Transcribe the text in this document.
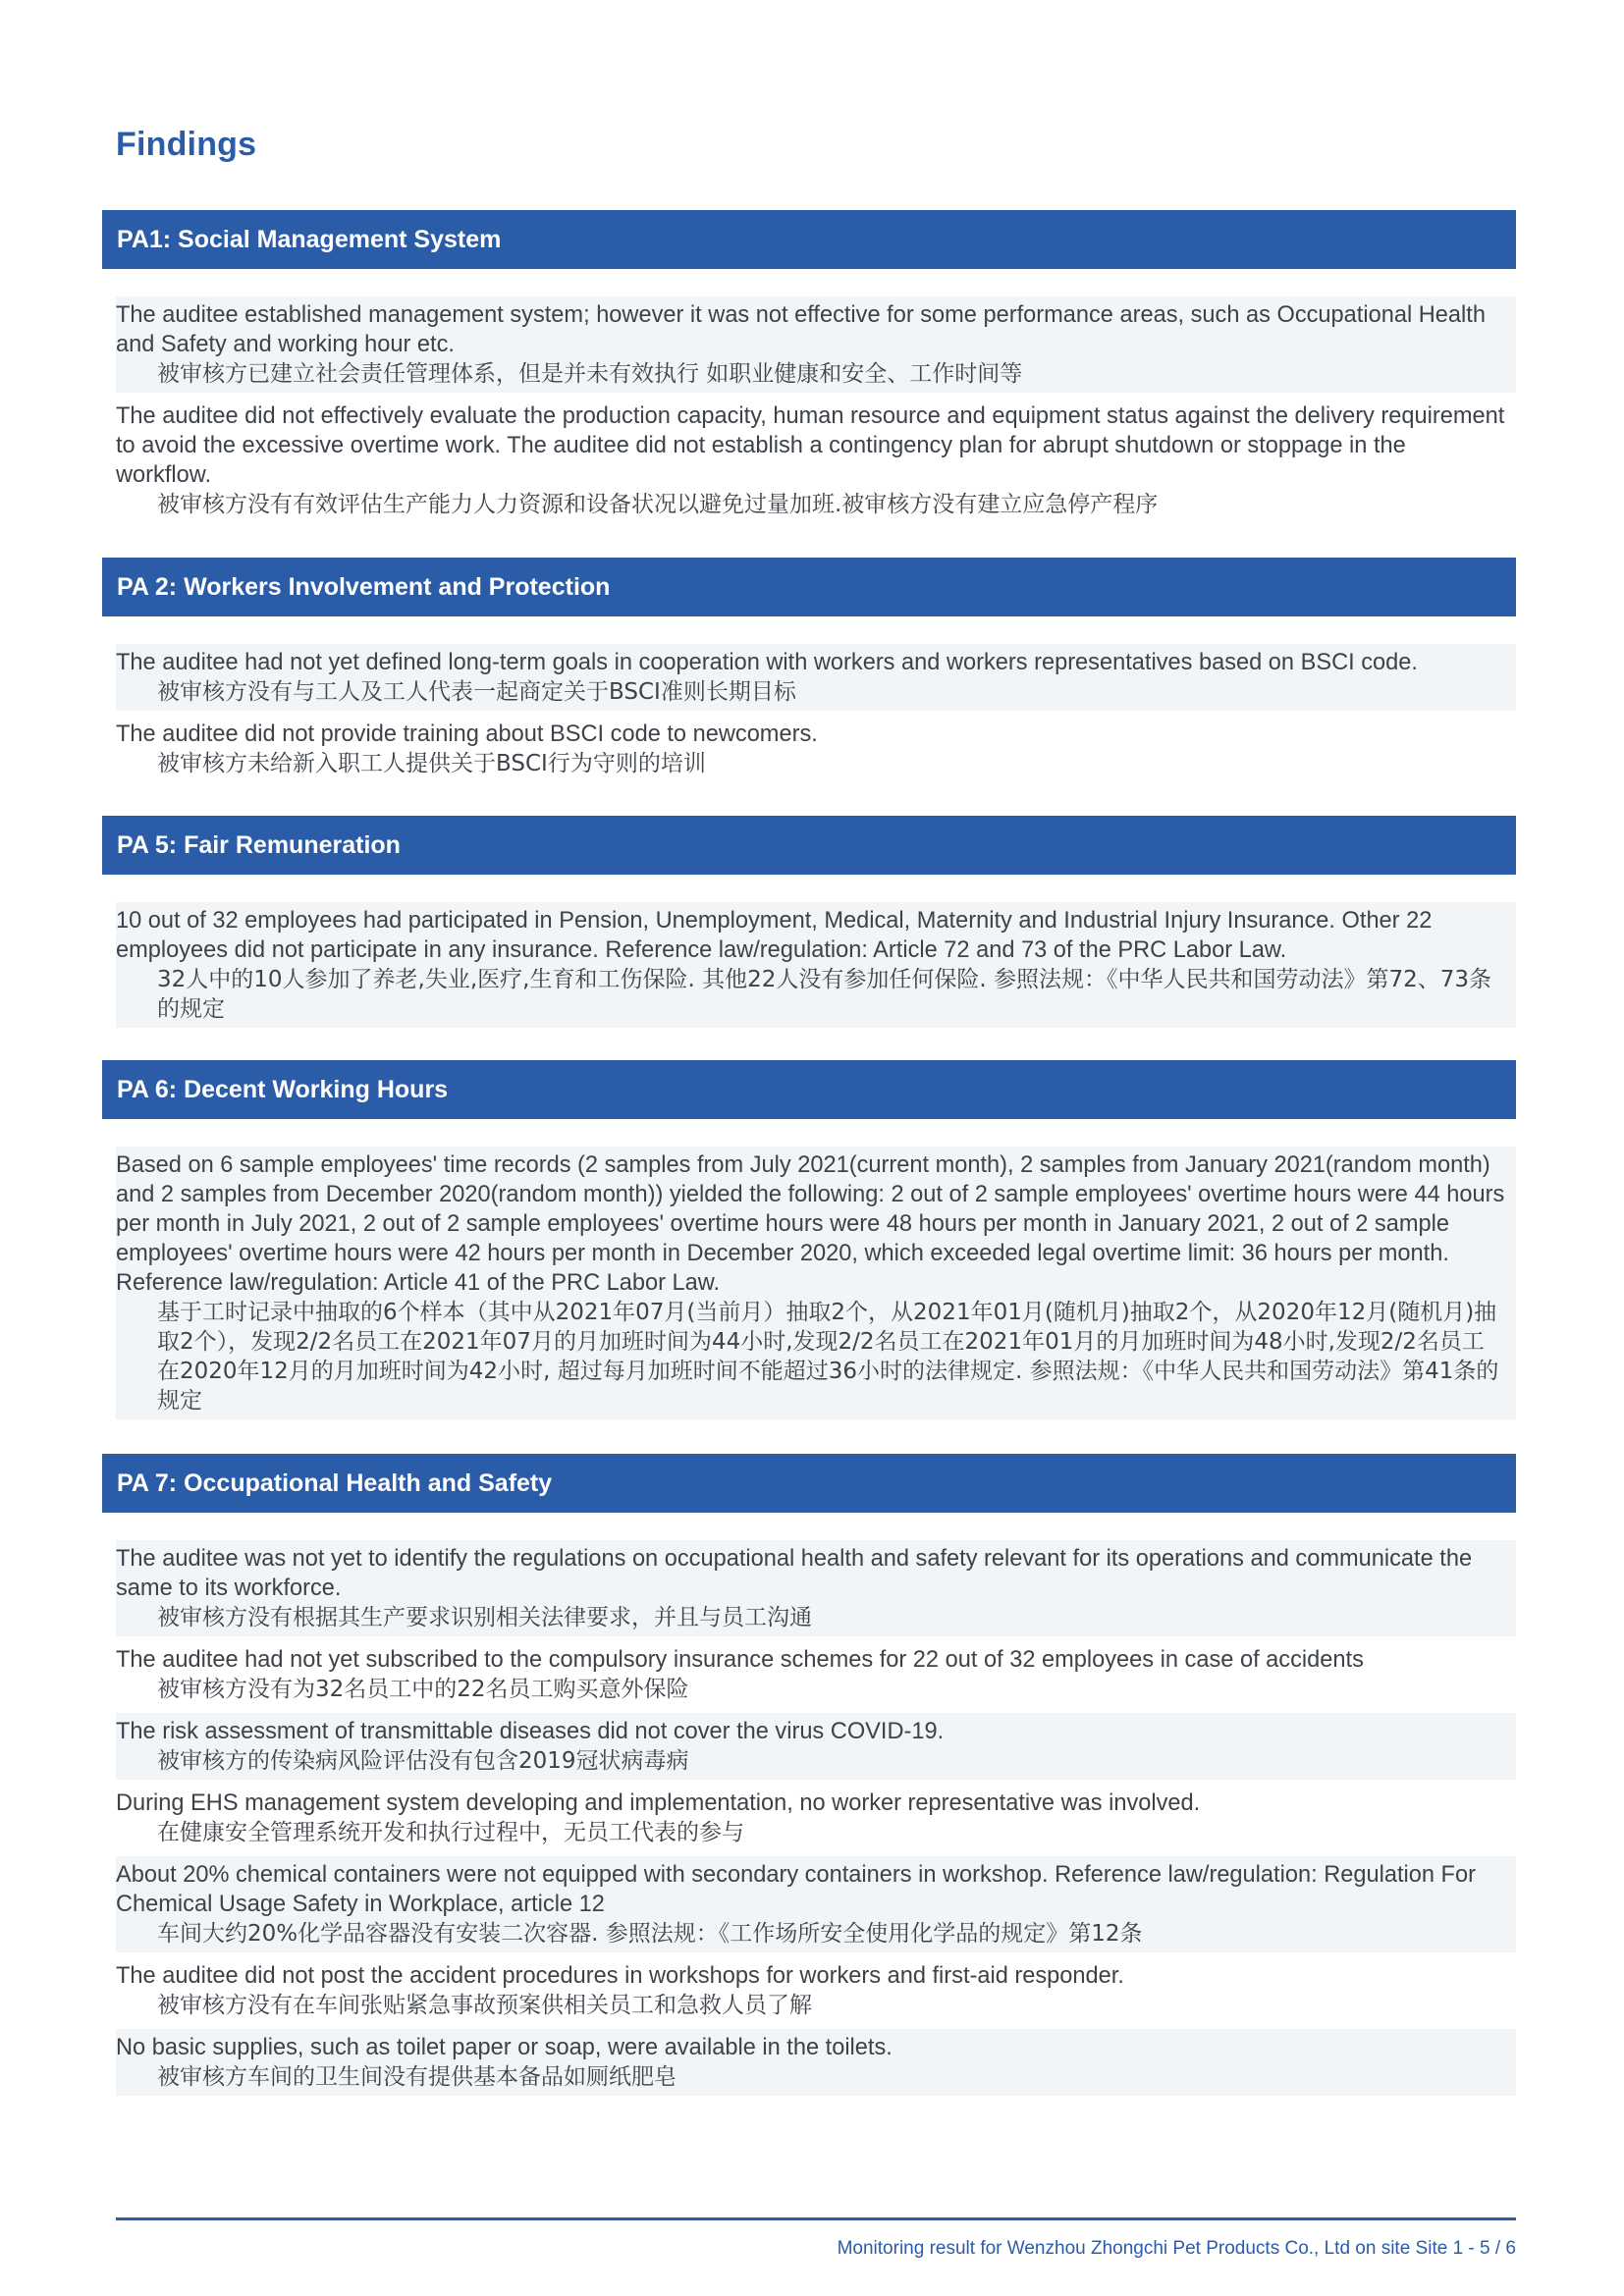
Findings
PA1: Social Management System
The auditee established management system; however it was not effective for some performance areas, such as Occupational Health and Safety and working hour etc.
被审核方已建立社会责任管理体系，但是并未有效执行 如职业健康和安全、工作时间等
The auditee did not effectively evaluate the production capacity, human resource and equipment status against the delivery requirement to avoid the excessive overtime work. The auditee did not establish a contingency plan for abrupt shutdown or stoppage in the workflow.
被审核方没有有效评估生产能力人力资源和设备状况以避免过量加班.被审核方没有建立应急停产程序
PA 2: Workers Involvement and Protection
The auditee had not yet defined long-term goals in cooperation with workers and workers representatives based on BSCI code.
被审核方没有与工人及工人代表一起商定关于BSCI准则长期目标
The auditee did not provide training about BSCI code to newcomers.
被审核方未给新入职工人提供关于BSCI行为守则的培训
PA 5: Fair Remuneration
10 out of 32 employees had participated in Pension, Unemployment, Medical, Maternity and Industrial Injury Insurance. Other 22 employees did not participate in any insurance. Reference law/regulation: Article 72 and 73 of the PRC Labor Law.
32人中的10人参加了养老,失业,医疗,生育和工伤保险. 其他22人没有参加任何保险. 参照法规：《中华人民共和国劳动法》第72、73条的规定
PA 6: Decent Working Hours
Based on 6 sample employees' time records (2 samples from July 2021(current month), 2 samples from January 2021(random month) and 2 samples from December 2020(random month)) yielded the following: 2 out of 2 sample employees' overtime hours were 44 hours per month in July 2021, 2 out of 2 sample employees' overtime hours were 48 hours per month in January 2021, 2 out of 2 sample employees' overtime hours were 42 hours per month in December 2020, which exceeded legal overtime limit: 36 hours per month. Reference law/regulation: Article 41 of the PRC Labor Law.
基于工时记录中抽取的6个样本（其中从2021年07月(当前月）抽取2个，从2021年01月(随机月)抽取2个，从2020年12月(随机月)抽取2个），发现2/2名员工在2021年07月的月加班时间为44小时,发现2/2名员工在2021年01月的月加班时间为48小时,发现2/2名员工在2020年12月的月加班时间为42小时, 超过每月加班时间不能超过36小时的法律规定. 参照法规：《中华人民共和国劳动法》第41条的规定
PA 7: Occupational Health and Safety
The auditee was not yet to identify the regulations on occupational health and safety relevant for its operations and communicate the same to its workforce.
被审核方没有根据其生产要求识别相关法律要求，并且与员工沟通
The auditee had not yet subscribed to the compulsory insurance schemes for 22 out of 32 employees in case of accidents
被审核方没有为32名员工中的22名员工购买意外保险
The risk assessment of transmittable diseases did not cover the virus COVID-19.
被审核方的传染病风险评估没有包含2019冠状病毒病
During EHS management system developing and implementation, no worker representative was involved.
在健康安全管理系统开发和执行过程中，无员工代表的参与
About 20% chemical containers were not equipped with secondary containers in workshop. Reference law/regulation: Regulation For Chemical Usage Safety in Workplace, article 12
车间大约20%化学品容器没有安装二次容器. 参照法规：《工作场所安全使用化学品的规定》第12条
The auditee did not post the accident procedures in workshops for workers and first-aid responder.
被审核方没有在车间张贴紧急事故预案供相关员工和急救人员了解
No basic supplies, such as toilet paper or soap, were available in the toilets.
被审核方车间的卫生间没有提供基本备品如厕纸肥皂
Monitoring result for Wenzhou Zhongchi Pet Products Co., Ltd on site Site 1 - 5 / 6
